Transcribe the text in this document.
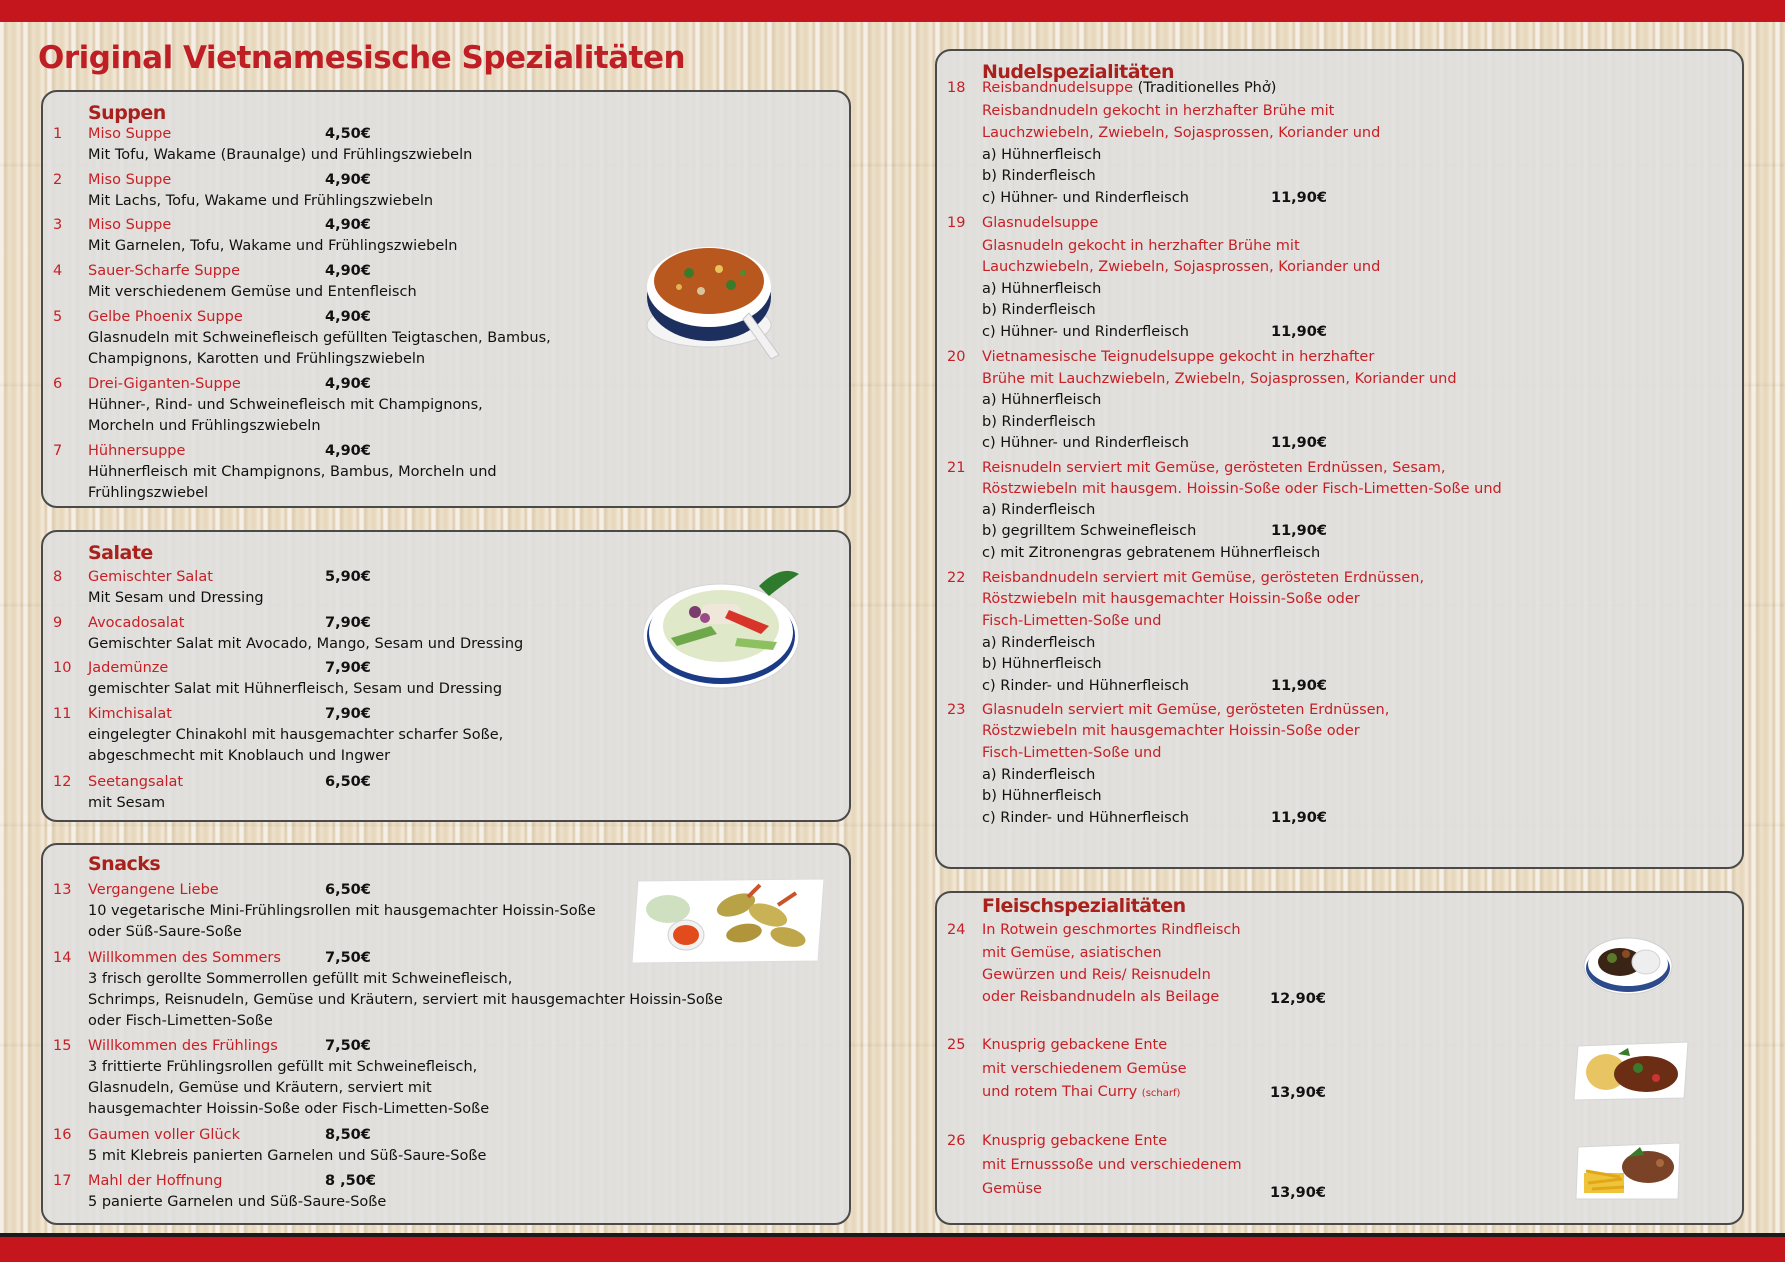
Original Vietnamesische Spezialitäten
Suppen
1	Miso Suppe	4,50€
Mit Tofu, Wakame (Braunalge) und Frühlingszwiebeln
2	Miso Suppe	4,90€
Mit Lachs, Tofu, Wakame und Frühlingszwiebeln
3	Miso Suppe	4,90€
Mit Garnelen, Tofu, Wakame und Frühlingszwiebeln
4	Sauer-Scharfe Suppe	4,90€
Mit verschiedenem Gemüse und Entenfleisch
5	Gelbe Phoenix Suppe	4,90€
Glasnudeln mit Schweinefleisch gefüllten Teigtaschen, Bambus,
Champignons, Karotten und Frühlingszwiebeln
6	Drei-Giganten-Suppe	4,90€
Hühner-, Rind- und Schweinefleisch mit Champignons,
Morcheln und Frühlingszwiebeln
7	Hühnersuppe	4,90€
Hühnerfleisch mit Champignons, Bambus, Morcheln und
Frühlingszwiebel
Salate
8	Gemischter Salat	5,90€
Mit Sesam und Dressing
9	Avocadosalat	7,90€
Gemischter Salat mit Avocado, Mango, Sesam und Dressing
10	Jademünze	7,90€
gemischter Salat mit Hühnerfleisch, Sesam und Dressing
11	Kimchisalat	7,90€
eingelegter Chinakohl mit hausgemachter scharfer Soße,
abgeschmecht mit Knoblauch und Ingwer
12	Seetangsalat	6,50€
mit Sesam
Snacks
13	Vergangene Liebe	6,50€
10 vegetarische Mini-Frühlingsrollen mit hausgemachter Hoissin-Soße
oder Süß-Saure-Soße
14	Willkommen des Sommers	7,50€
3 frisch gerollte Sommerrollen gefüllt mit Schweinefleisch,
Schrimps, Reisnudeln, Gemüse und Kräutern, serviert mit hausgemachter Hoissin-Soße
oder Fisch-Limetten-Soße
15	Willkommen des Frühlings	7,50€
3 frittierte Frühlingsrollen gefüllt mit Schweinefleisch,
Glasnudeln, Gemüse und Kräutern, serviert mit
hausgemachter Hoissin-Soße oder Fisch-Limetten-Soße
16	Gaumen voller Glück	8,50€
5 mit Klebreis panierten Garnelen und Süß-Saure-Soße
17	Mahl der Hoffnung	8 ,50€
5 panierte Garnelen und Süß-Saure-Soße
Nudelspezialitäten
18	Reisbandnudelsuppe (Traditionelles Phở)
Reisbandnudeln gekocht in herzhafter Brühe mit
Lauchzwiebeln, Zwiebeln, Sojasprossen, Koriander und
a) Hühnerfleisch
b) Rinderfleisch
c) Hühner- und Rinderfleisch	11,90€
19	Glasnudelsuppe
Glasnudeln gekocht in herzhafter Brühe mit
Lauchzwiebeln, Zwiebeln, Sojasprossen, Koriander und
a) Hühnerfleisch
b) Rinderfleisch
c) Hühner- und Rinderfleisch	11,90€
20	Vietnamesische Teignudelsuppe gekocht in herzhafter
Brühe mit Lauchzwiebeln, Zwiebeln, Sojasprossen, Koriander und
a) Hühnerfleisch
b) Rinderfleisch
c) Hühner- und Rinderfleisch	11,90€
21	Reisnudeln serviert mit Gemüse, gerösteten Erdnüssen, Sesam,
Röstzwiebeln mit hausgem. Hoissin-Soße oder Fisch-Limetten-Soße und
a) Rinderfleisch
b) gegrilltem Schweinefleisch	11,90€
c) mit Zitronengras gebratenem Hühnerfleisch
22	Reisbandnudeln serviert mit Gemüse, gerösteten Erdnüssen,
Röstzwiebeln mit hausgemachter Hoissin-Soße oder
Fisch-Limetten-Soße und
a) Rinderfleisch
b) Hühnerfleisch
c) Rinder- und Hühnerfleisch	11,90€
23	Glasnudeln serviert mit Gemüse, gerösteten Erdnüssen,
Röstzwiebeln mit hausgemachter Hoissin-Soße oder
Fisch-Limetten-Soße und
a) Rinderfleisch
b) Hühnerfleisch
c) Rinder- und Hühnerfleisch	11,90€
Fleischspezialitäten
24	In Rotwein geschmortes Rindfleisch
mit Gemüse, asiatischen
Gewürzen und Reis/ Reisnudeln
oder Reisbandnudeln als Beilage	12,90€
25	Knusprig gebackene Ente
mit verschiedenem Gemüse
und rotem Thai Curry (scharf)	13,90€
26	Knusprig gebackene Ente
mit Ernusssoße und verschiedenem
Gemüse	13,90€
